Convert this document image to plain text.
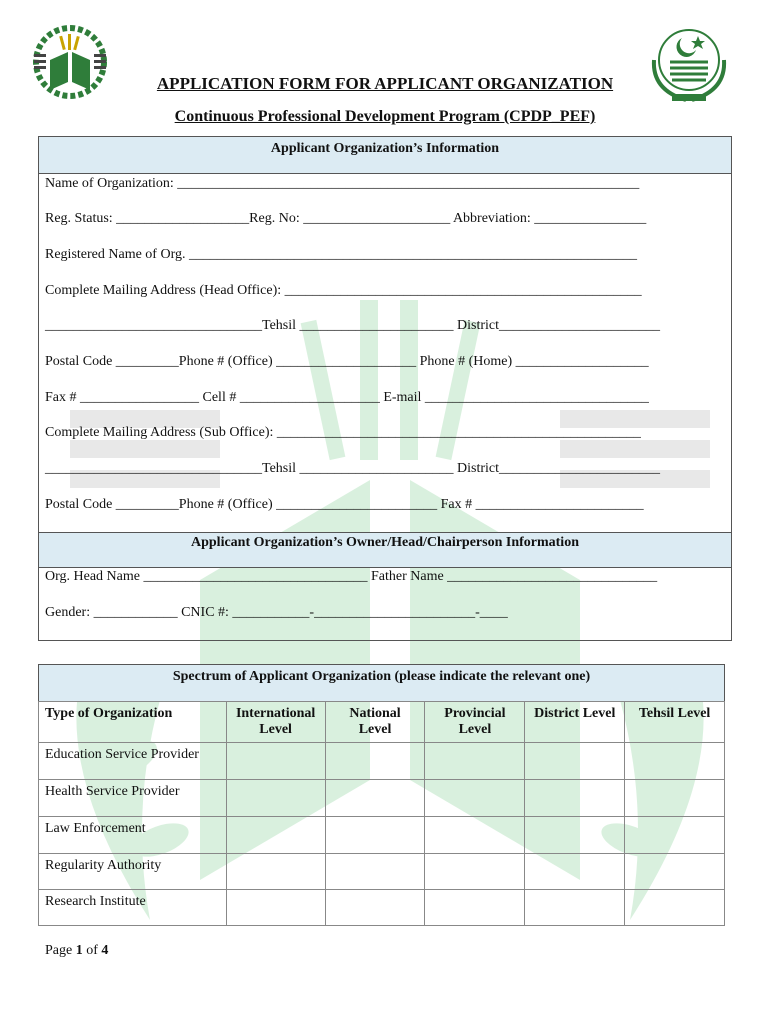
APPLICATION FORM FOR APPLICANT ORGANIZATION
Continuous Professional Development Program (CPDP_PEF)
Applicant Organization’s Information
Name of Organization: __________________________________________________________________
Reg. Status: ___________________Reg. No: _____________________ Abbreviation: ________________
Registered Name of Org. ________________________________________________________________
Complete Mailing Address (Head Office): ___________________________________________________
_______________________________Tehsil ______________________ District_______________________
Postal Code _________Phone # (Office) ____________________ Phone # (Home) ___________________
Fax # _________________ Cell # ____________________ E-mail ________________________________
Complete Mailing Address (Sub Office): ____________________________________________________
_______________________________Tehsil ______________________ District_______________________
Postal Code _________Phone # (Office) _______________________ Fax # ________________________
Applicant Organization’s Owner/Head/Chairperson Information
Org. Head Name ________________________________ Father Name ______________________________
Gender: ____________ CNIC #: ___________-_______________________-____
Spectrum of Applicant Organization (please indicate the relevant one)
Type of Organization	International Level	National Level	Provincial Level	District Level	Tehsil Level
Education Service Provider					
Health Service Provider					
Law Enforcement					
Regularity Authority					
Research Institute					
Page 1 of 4
